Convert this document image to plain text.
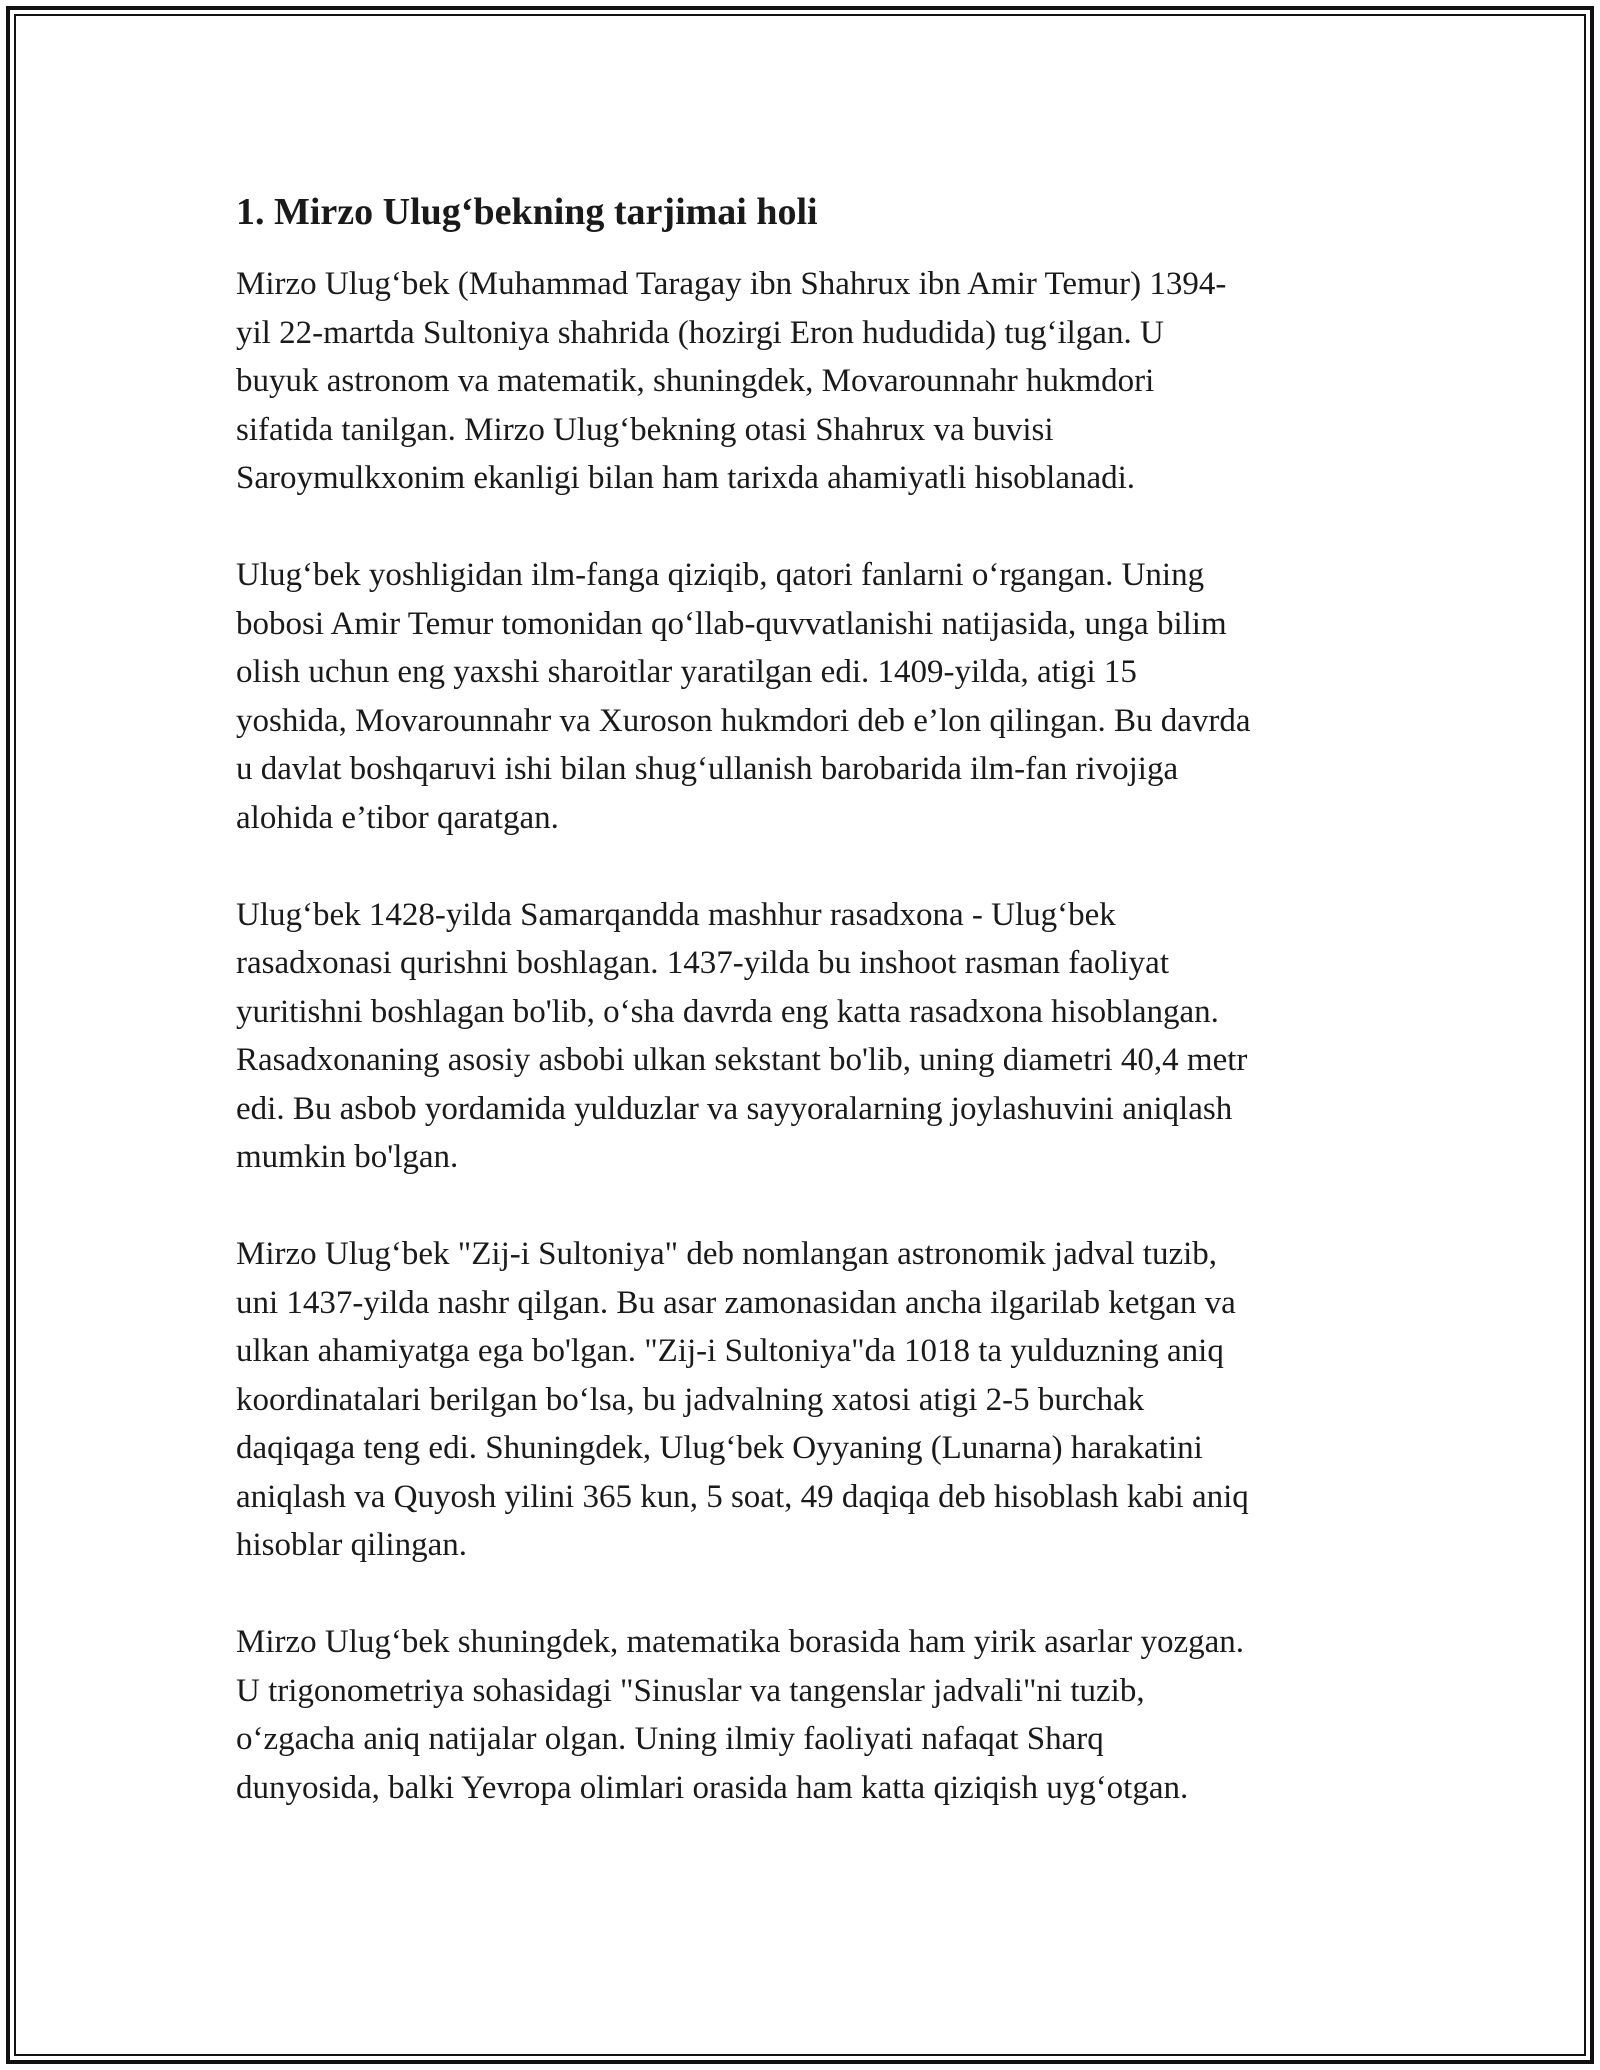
1. Mirzo Ulug‘bekning tarjimai holi

Mirzo Ulug‘bek (Muhammad Taragay ibn Shahrux ibn Amir Temur) 1394-
yil 22-martda Sultoniya shahrida (hozirgi Eron hududida) tug‘ilgan. U
buyuk astronom va matematik, shuningdek, Movarounnahr hukmdori
sifatida tanilgan. Mirzo Ulug‘bekning otasi Shahrux va buvisi
Saroymulkxonim ekanligi bilan ham tarixda ahamiyatli hisoblanadi.

Ulug‘bek yoshligidan ilm-fanga qiziqib, qatori fanlarni o‘rgangan. Uning
bobosi Amir Temur tomonidan qo‘llab-quvvatlanishi natijasida, unga bilim
olish uchun eng yaxshi sharoitlar yaratilgan edi. 1409-yilda, atigi 15
yoshida, Movarounnahr va Xuroson hukmdori deb e’lon qilingan. Bu davrda
u davlat boshqaruvi ishi bilan shug‘ullanish barobarida ilm-fan rivojiga
alohida e’tibor qaratgan.

Ulug‘bek 1428-yilda Samarqandda mashhur rasadxona - Ulug‘bek
rasadxonasi qurishni boshlagan. 1437-yilda bu inshoot rasman faoliyat
yuritishni boshlagan bo'lib, o‘sha davrda eng katta rasadxona hisoblangan.
Rasadxonaning asosiy asbobi ulkan sekstant bo'lib, uning diametri 40,4 metr
edi. Bu asbob yordamida yulduzlar va sayyoralarning joylashuvini aniqlash
mumkin bo'lgan.

Mirzo Ulug‘bek "Zij-i Sultoniya" deb nomlangan astronomik jadval tuzib,
uni 1437-yilda nashr qilgan. Bu asar zamonasidan ancha ilgarilab ketgan va
ulkan ahamiyatga ega bo'lgan. "Zij-i Sultoniya"da 1018 ta yulduzning aniq
koordinatalari berilgan bo‘lsa, bu jadvalning xatosi atigi 2-5 burchak
daqiqaga teng edi. Shuningdek, Ulug‘bek Oyyaning (Lunarna) harakatini
aniqlash va Quyosh yilini 365 kun, 5 soat, 49 daqiqa deb hisoblash kabi aniq
hisoblar qilingan.

Mirzo Ulug‘bek shuningdek, matematika borasida ham yirik asarlar yozgan.
U trigonometriya sohasidagi "Sinuslar va tangenslar jadvali"ni tuzib,
o‘zgacha aniq natijalar olgan. Uning ilmiy faoliyati nafaqat Sharq
dunyosida, balki Yevropa olimlari orasida ham katta qiziqish uyg‘otgan.
